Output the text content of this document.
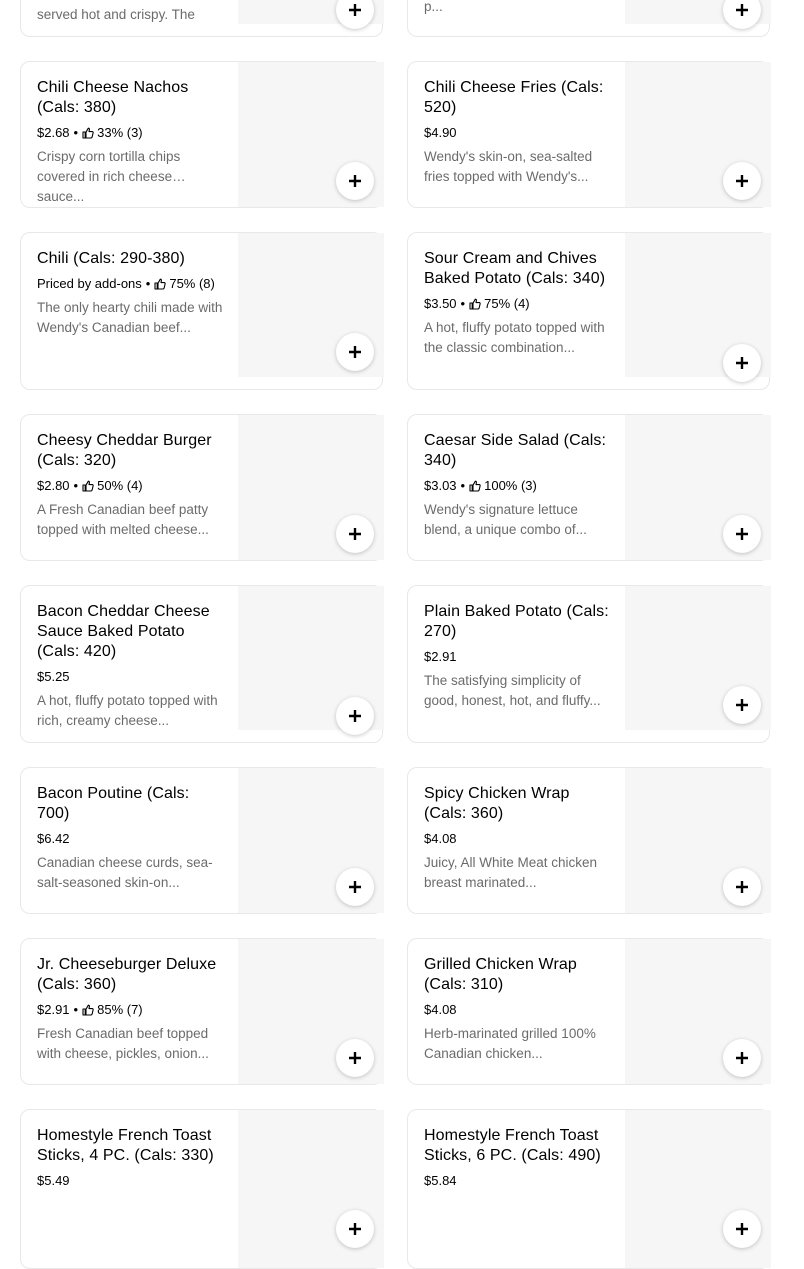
served hot and crispy. The
p...
Chili Cheese Nachos (Cals: 380)
$2.68 • 33% (3)
Crispy corn tortilla chips covered in rich cheese sauce...
Chili Cheese Fries (Cals: 520)
$4.90
Wendy's skin-on, sea-salted fries topped with Wendy's...
Chili (Cals: 290-380)
Priced by add-ons • 75% (8)
The only hearty chili made with Wendy's Canadian beef...
Sour Cream and Chives Baked Potato (Cals: 340)
$3.50 • 75% (4)
A hot, fluffy potato topped with the classic combination...
Cheesy Cheddar Burger (Cals: 320)
$2.80 • 50% (4)
A Fresh Canadian beef patty topped with melted cheese...
Caesar Side Salad (Cals: 340)
$3.03 • 100% (3)
Wendy's signature lettuce blend, a unique combo of...
Bacon Cheddar Cheese Sauce Baked Potato (Cals: 420)
$5.25
A hot, fluffy potato topped with rich, creamy cheese...
Plain Baked Potato (Cals: 270)
$2.91
The satisfying simplicity of good, honest, hot, and fluffy...
Bacon Poutine (Cals: 700)
$6.42
Canadian cheese curds, sea-salt-seasoned skin-on...
Spicy Chicken Wrap (Cals: 360)
$4.08
Juicy, All White Meat chicken breast marinated...
Jr. Cheeseburger Deluxe (Cals: 360)
$2.91 • 85% (7)
Fresh Canadian beef topped with cheese, pickles, onion...
Grilled Chicken Wrap (Cals: 310)
$4.08
Herb-marinated grilled 100% Canadian chicken...
Homestyle French Toast Sticks, 4 PC. (Cals: 330)
$5.49
Homestyle French Toast Sticks, 6 PC. (Cals: 490)
$5.84
